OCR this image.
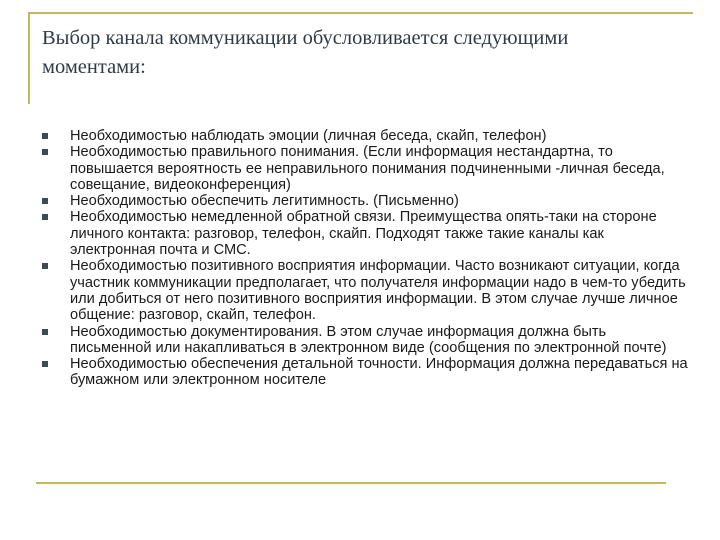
Выбор канала коммуникации обусловливается следующими
моментами:
Необходимостью наблюдать эмоции (личная беседа, скайп, телефон)
Необходимостью правильного понимания. (Если информация нестандартна, то повышается вероятность ее неправильного понимания подчиненными -личная беседа, совещание, видеоконференция)
Необходимостью обеспечить легитимность. (Письменно)
Необходимостью немедленной обратной связи. Преимущества опять-таки на стороне личного контакта: разговор, телефон, скайп. Подходят также такие каналы как электронная почта и СМС.
Необходимостью позитивного восприятия информации. Часто возникают ситуации, когда участник коммуникации предполагает, что получателя информации надо в чем-то убедить или добиться от него позитивного восприятия информации. В этом случае лучше личное общение: разговор, скайп, телефон.
Необходимостью документирования. В этом случае информация должна быть письменной или накапливаться в электронном виде (сообщения по электронной почте)
Необходимостью обеспечения детальной точности. Информация должна передаваться на бумажном или электронном носителе
